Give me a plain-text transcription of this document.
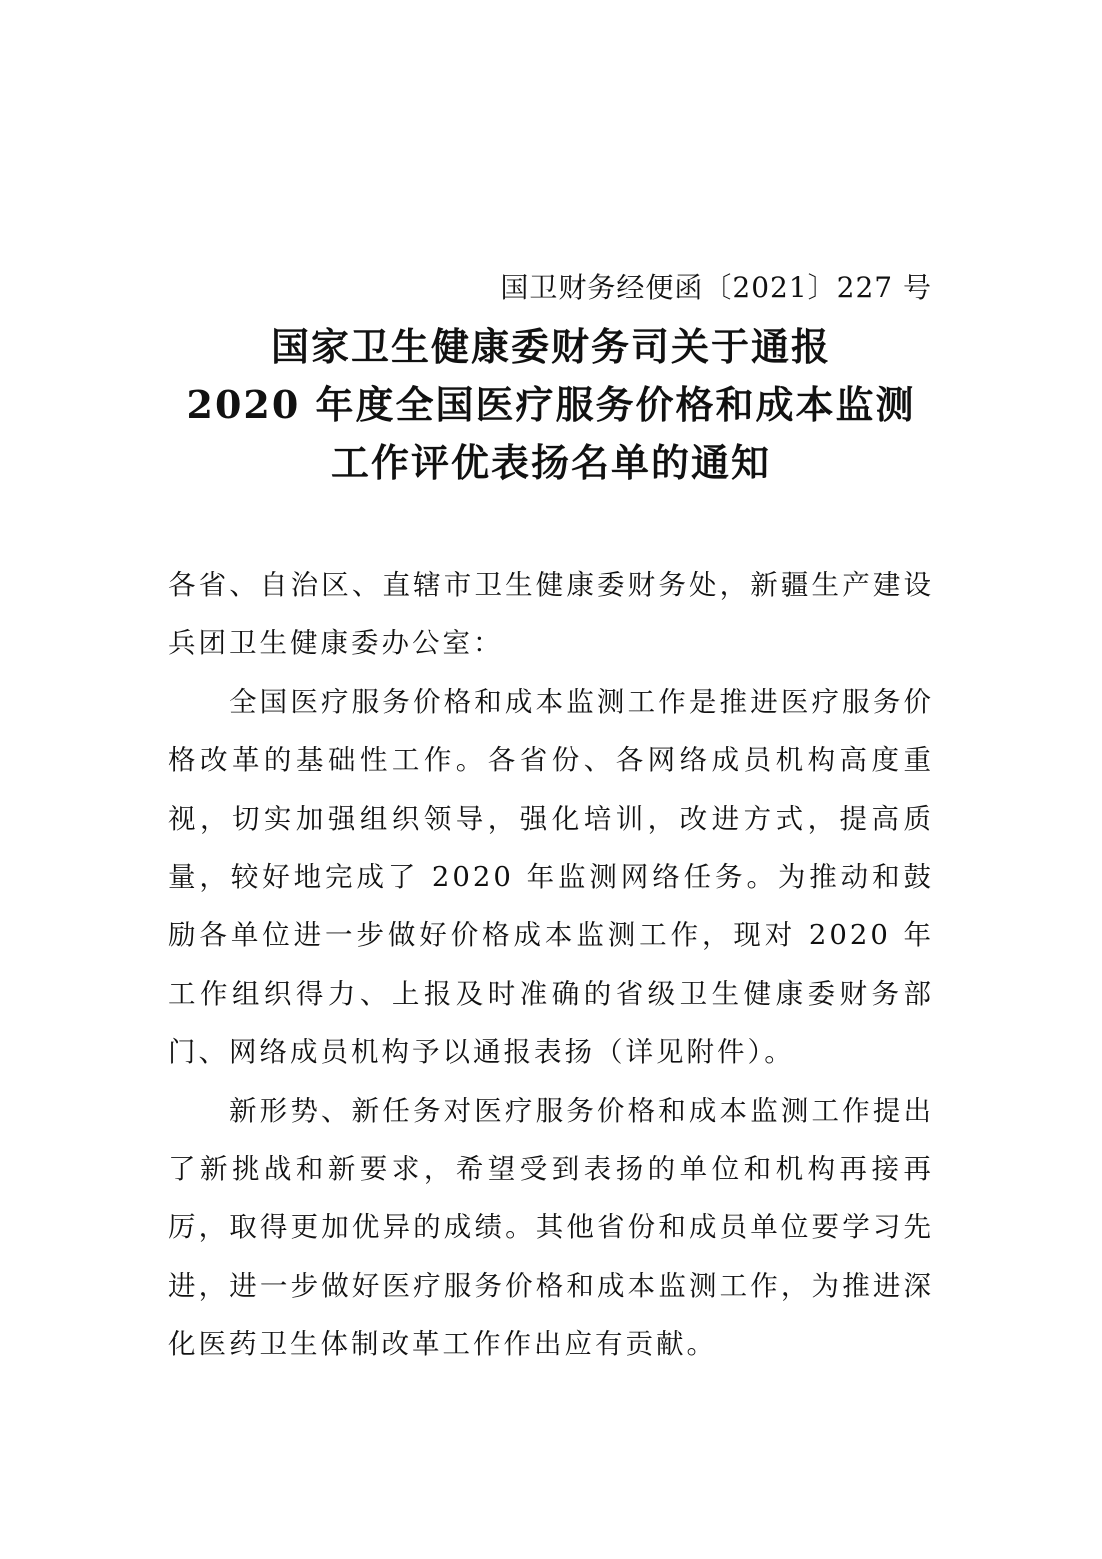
国卫财务经便函〔2021〕227 号
国家卫生健康委财务司关于通报
2020 年度全国医疗服务价格和成本监测
工作评优表扬名单的通知

各省、自治区、直辖市卫生健康委财务处，新疆生产建设兵团卫生健康委办公室：

全国医疗服务价格和成本监测工作是推进医疗服务价格改革的基础性工作。各省份、各网络成员机构高度重视，切实加强组织领导，强化培训，改进方式，提高质量，较好地完成了 2020 年监测网络任务。为推动和鼓励各单位进一步做好价格成本监测工作，现对 2020 年工作组织得力、上报及时准确的省级卫生健康委财务部门、网络成员机构予以通报表扬（详见附件）。

新形势、新任务对医疗服务价格和成本监测工作提出了新挑战和新要求，希望受到表扬的单位和机构再接再厉，取得更加优异的成绩。其他省份和成员单位要学习先进，进一步做好医疗服务价格和成本监测工作，为推进深化医药卫生体制改革工作作出应有贡献。
